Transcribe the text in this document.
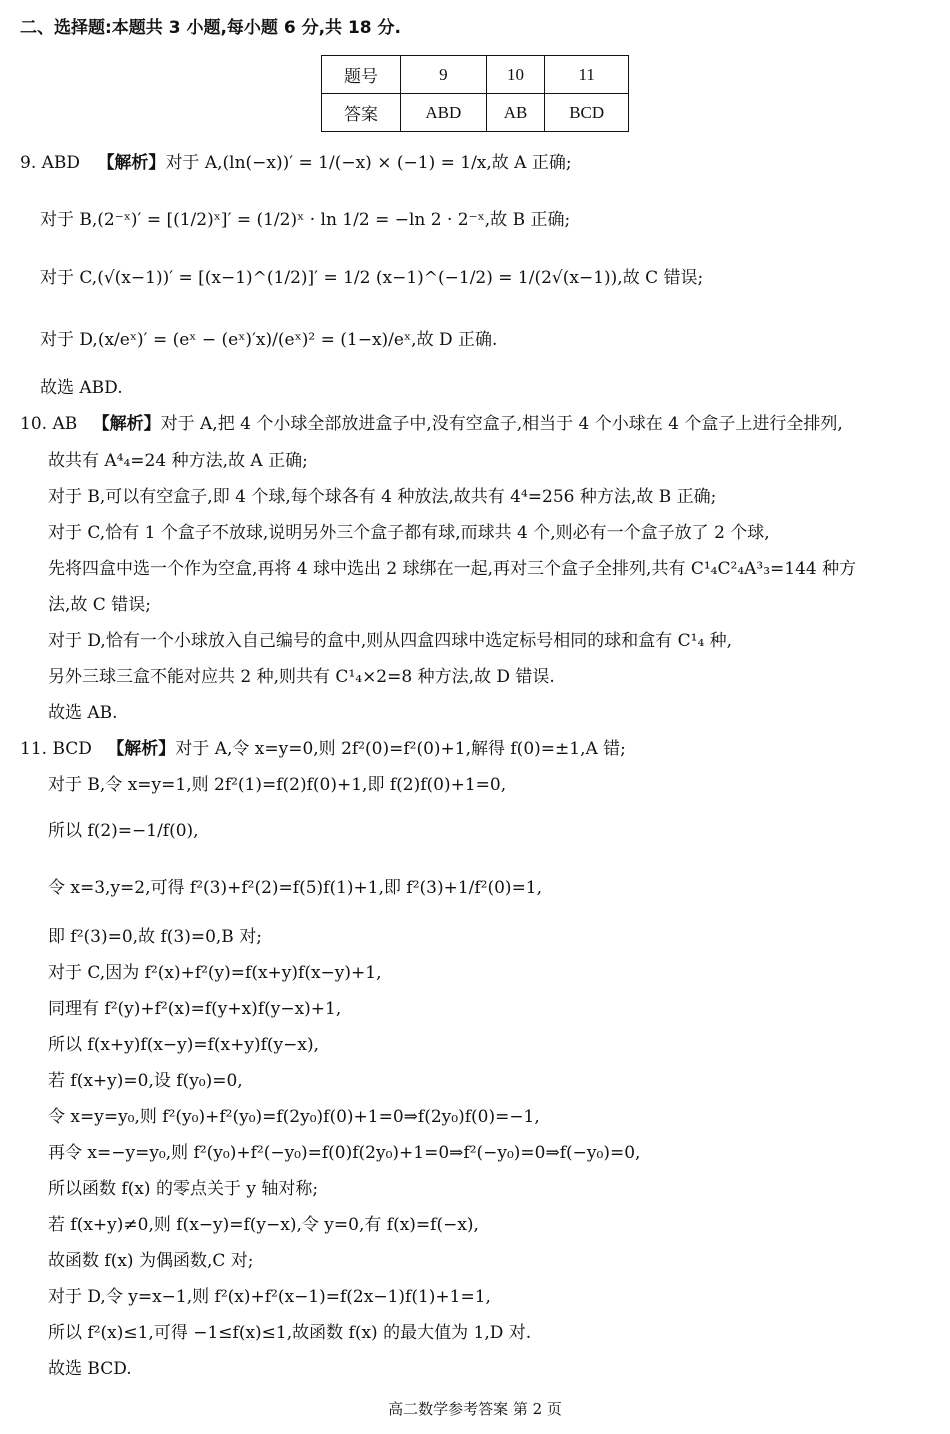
二、选择题:本题共 3 小题,每小题 6 分,共 18 分.
题号	9	10	11
答案	ABD	AB	BCD
9. ABD 【解析】对于 A,(ln(−x))′ = 1/(−x) × (−1) = 1/x,故 A 正确;
对于 B,(2⁻ˣ)′ = [(1/2)ˣ]′ = (1/2)ˣ · ln 1/2 = −ln 2 · 2⁻ˣ,故 B 正确;
对于 C,(√(x−1))′ = [(x−1)^(1/2)]′ = 1/2 (x−1)^(−1/2) = 1/(2√(x−1)),故 C 错误;
对于 D,(x/eˣ)′ = (eˣ − (eˣ)′x)/(eˣ)² = (1−x)/eˣ,故 D 正确.
故选 ABD.
10. AB 【解析】对于 A,把 4 个小球全部放进盒子中,没有空盒子,相当于 4 个小球在 4 个盒子上进行全排列,
故共有 A⁴₄=24 种方法,故 A 正确;
对于 B,可以有空盒子,即 4 个球,每个球各有 4 种放法,故共有 4⁴=256 种方法,故 B 正确;
对于 C,恰有 1 个盒子不放球,说明另外三个盒子都有球,而球共 4 个,则必有一个盒子放了 2 个球,
先将四盒中选一个作为空盒,再将 4 球中选出 2 球绑在一起,再对三个盒子全排列,共有 C¹₄C²₄A³₃=144 种方
法,故 C 错误;
对于 D,恰有一个小球放入自己编号的盒中,则从四盒四球中选定标号相同的球和盒有 C¹₄ 种,
另外三球三盒不能对应共 2 种,则共有 C¹₄×2=8 种方法,故 D 错误.
故选 AB.
11. BCD 【解析】对于 A,令 x=y=0,则 2f²(0)=f²(0)+1,解得 f(0)=±1,A 错;
对于 B,令 x=y=1,则 2f²(1)=f(2)f(0)+1,即 f(2)f(0)+1=0,
所以 f(2)=−1/f(0),
令 x=3,y=2,可得 f²(3)+f²(2)=f(5)f(1)+1,即 f²(3)+1/f²(0)=1,
即 f²(3)=0,故 f(3)=0,B 对;
对于 C,因为 f²(x)+f²(y)=f(x+y)f(x−y)+1,
同理有 f²(y)+f²(x)=f(y+x)f(y−x)+1,
所以 f(x+y)f(x−y)=f(x+y)f(y−x),
若 f(x+y)=0,设 f(y₀)=0,
令 x=y=y₀,则 f²(y₀)+f²(y₀)=f(2y₀)f(0)+1=0⇒f(2y₀)f(0)=−1,
再令 x=−y=y₀,则 f²(y₀)+f²(−y₀)=f(0)f(2y₀)+1=0⇒f²(−y₀)=0⇒f(−y₀)=0,
所以函数 f(x) 的零点关于 y 轴对称;
若 f(x+y)≠0,则 f(x−y)=f(y−x),令 y=0,有 f(x)=f(−x),
故函数 f(x) 为偶函数,C 对;
对于 D,令 y=x−1,则 f²(x)+f²(x−1)=f(2x−1)f(1)+1=1,
所以 f²(x)≤1,可得 −1≤f(x)≤1,故函数 f(x) 的最大值为 1,D 对.
故选 BCD.
高二数学参考答案 第 2 页
